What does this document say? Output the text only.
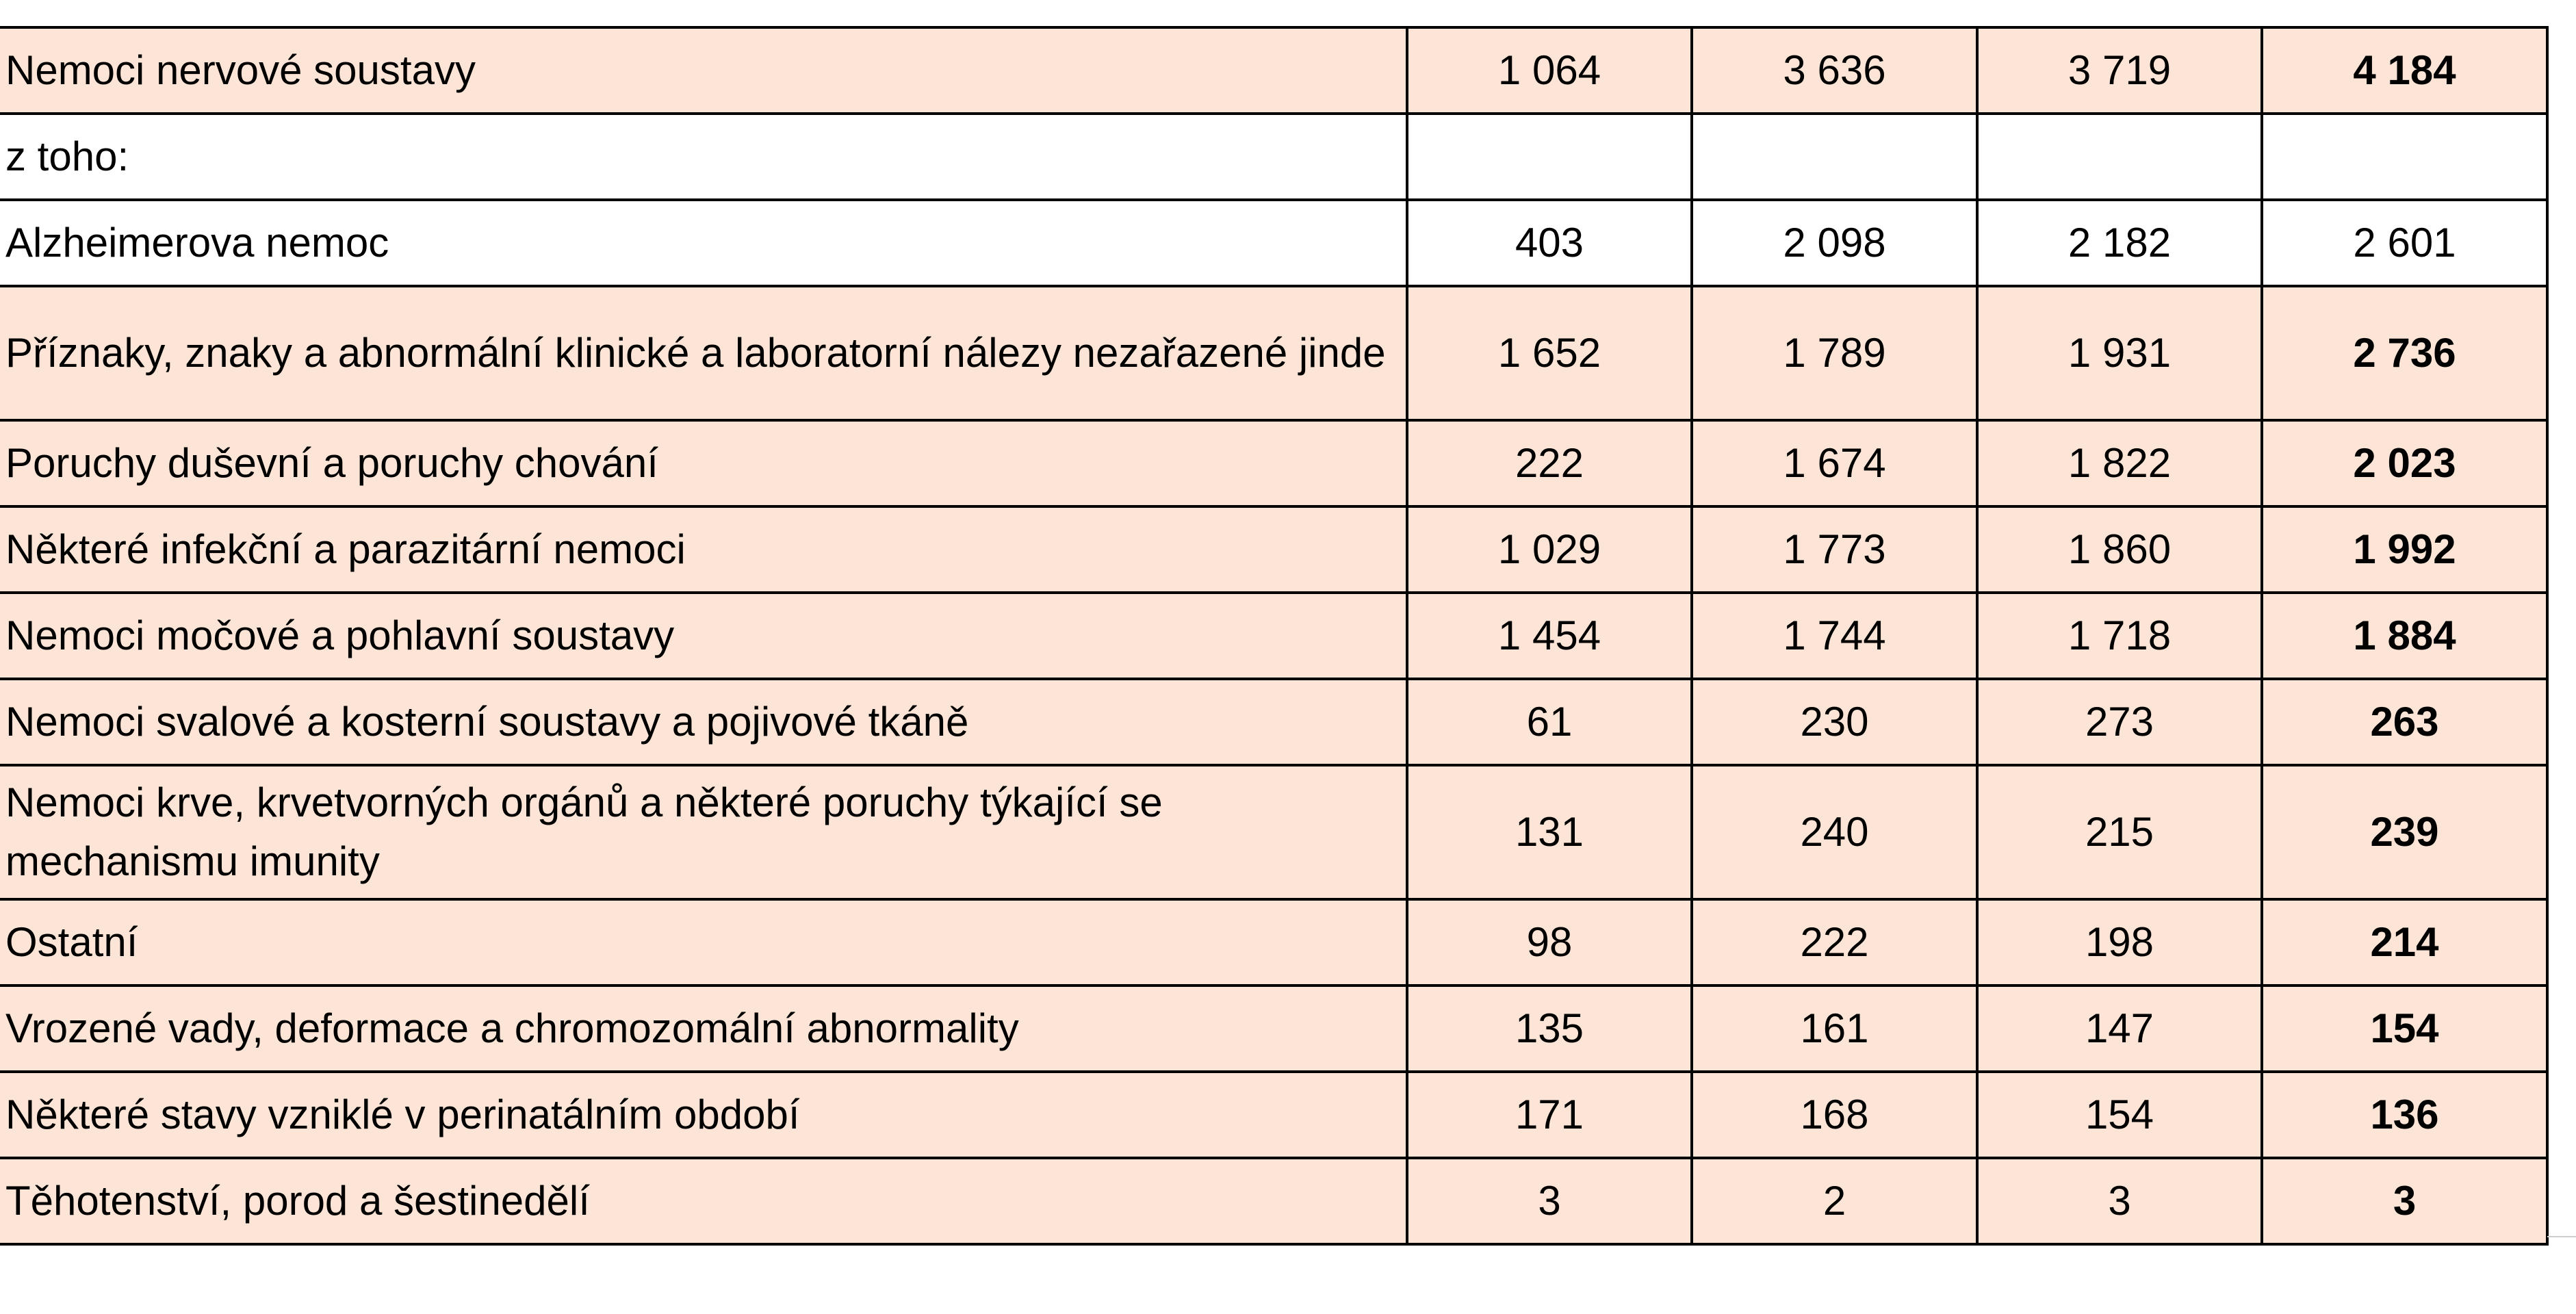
Nemoci nervové soustavy	1 064	3 636	3 719	4 184
z toho:				
Alzheimerova nemoc	403	2 098	2 182	2 601

Příznaky, znaky a abnormální klinické a laboratorní nálezy nezařazené jinde	1 652	1 789	1 931	2 736
Poruchy duševní a poruchy chování	222	1 674	1 822	2 023
Některé infekční a parazitární nemoci	1 029	1 773	1 860	1 992
Nemoci močové a pohlavní soustavy	1 454	1 744	1 718	1 884
Nemoci svalové a kosterní soustavy a pojivové tkáně	61	230	273	263

Nemoci krve, krvetvorných orgánů a některé poruchy týkající se mechanismu imunity	131	240	215	239
Ostatní	98	222	198	214
Vrozené vady, deformace a chromozomální abnormality	135	161	147	154
Některé stavy vzniklé v perinatálním období	171	168	154	136
Těhotenství, porod a šestinedělí	3	2	3	3
